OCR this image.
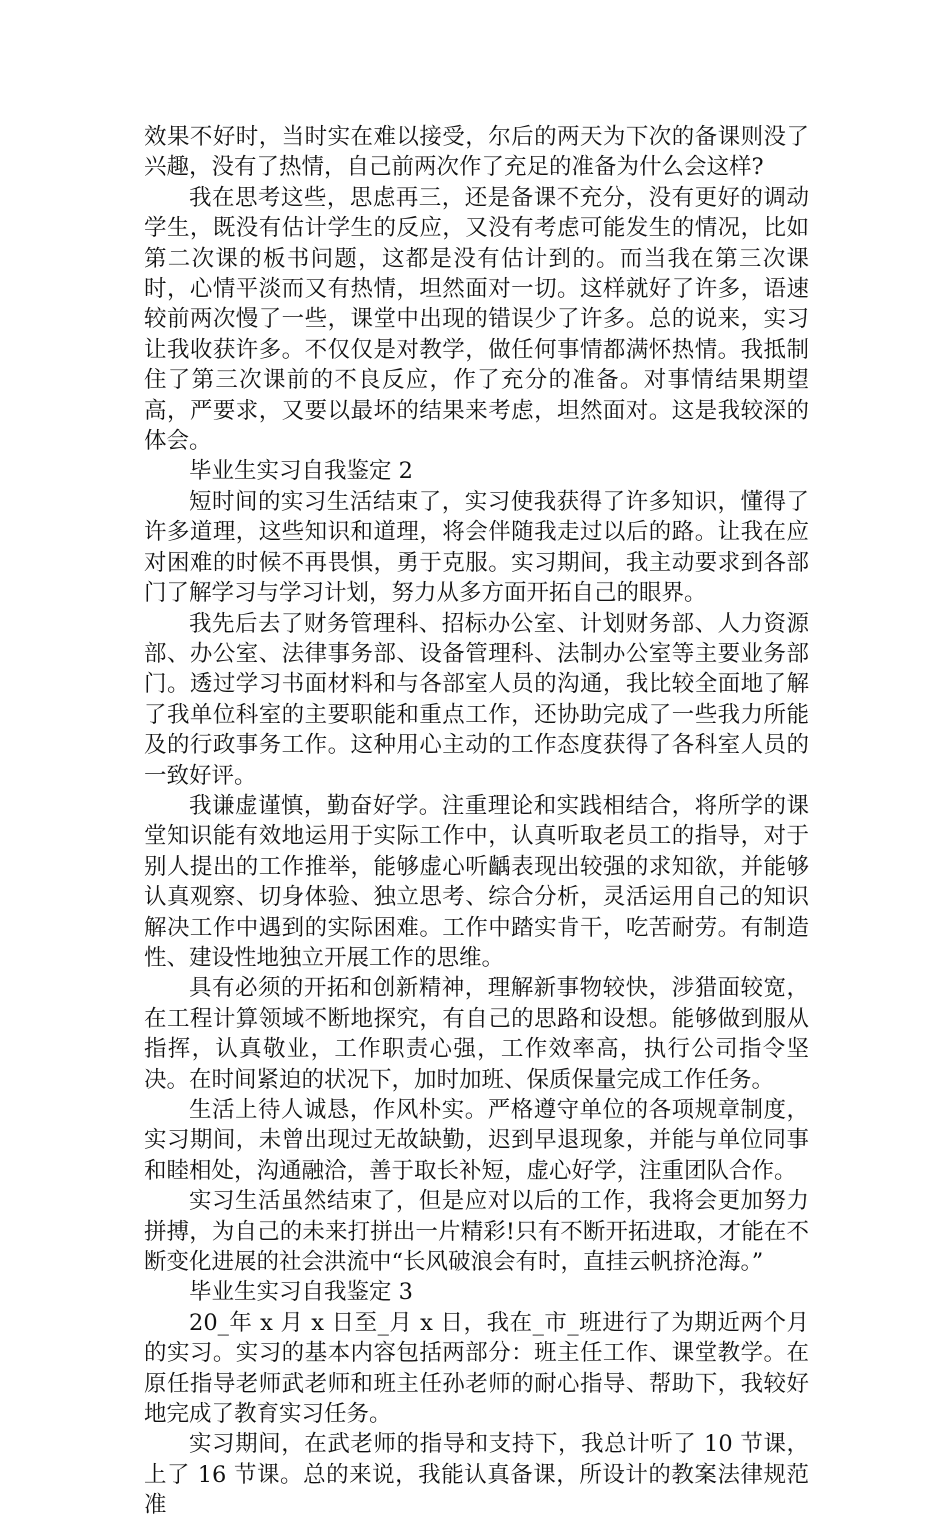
效果不好时，当时实在难以接受，尔后的两天为下次的备课则没了兴趣，没有了热情，自己前两次作了充足的准备为什么会这样?

我在思考这些，思虑再三，还是备课不充分，没有更好的调动学生，既没有估计学生的反应，又没有考虑可能发生的情况，比如第二次课的板书问题，这都是没有估计到的。而当我在第三次课时，心情平淡而又有热情，坦然面对一切。这样就好了许多，语速较前两次慢了一些，课堂中出现的错误少了许多。总的说来，实习让我收获许多。不仅仅是对教学，做任何事情都满怀热情。我抵制住了第三次课前的不良反应，作了充分的准备。对事情结果期望高，严要求，又要以最坏的结果来考虑，坦然面对。这是我较深的体会。

毕业生实习自我鉴定 2

短时间的实习生活结束了，实习使我获得了许多知识，懂得了许多道理，这些知识和道理，将会伴随我走过以后的路。让我在应对困难的时候不再畏惧，勇于克服。实习期间，我主动要求到各部门了解学习与学习计划，努力从多方面开拓自己的眼界。

我先后去了财务管理科、招标办公室、计划财务部、人力资源部、办公室、法律事务部、设备管理科、法制办公室等主要业务部门。透过学习书面材料和与各部室人员的沟通，我比较全面地了解了我单位科室的主要职能和重点工作，还协助完成了一些我力所能及的行政事务工作。这种用心主动的工作态度获得了各科室人员的一致好评。

我谦虚谨慎，勤奋好学。注重理论和实践相结合，将所学的课堂知识能有效地运用于实际工作中，认真听取老员工的指导，对于别人提出的工作推举，能够虚心听齲表现出较强的求知欲，并能够认真观察、切身体验、独立思考、综合分析，灵活运用自己的知识解决工作中遇到的实际困难。工作中踏实肯干，吃苦耐劳。有制造性、建设性地独立开展工作的思维。

具有必须的开拓和创新精神，理解新事物较快，涉猎面较宽，在工程计算领域不断地探究，有自己的思路和设想。能够做到服从指挥，认真敬业，工作职责心强，工作效率高，执行公司指令坚决。在时间紧迫的状况下，加时加班、保质保量完成工作任务。

生活上待人诚恳，作风朴实。严格遵守单位的各项规章制度，实习期间，未曾出现过无故缺勤，迟到早退现象，并能与单位同事和睦相处，沟通融洽，善于取长补短，虚心好学，注重团队合作。

实习生活虽然结束了，但是应对以后的工作，我将会更加努力拼搏，为自己的未来打拼出一片精彩!只有不断开拓进取，才能在不断变化进展的社会洪流中“长风破浪会有时，直挂云帆挤沧海。”

毕业生实习自我鉴定 3

20_年 x 月 x 日至_月 x 日，我在_市_班进行了为期近两个月的实习。实习的基本内容包括两部分：班主任工作、课堂教学。在原任指导老师武老师和班主任孙老师的耐心指导、帮助下，我较好地完成了教育实习任务。

实习期间，在武老师的指导和支持下，我总计听了 10 节课，上了 16 节课。总的来说，我能认真备课，所设计的教案法律规范准
